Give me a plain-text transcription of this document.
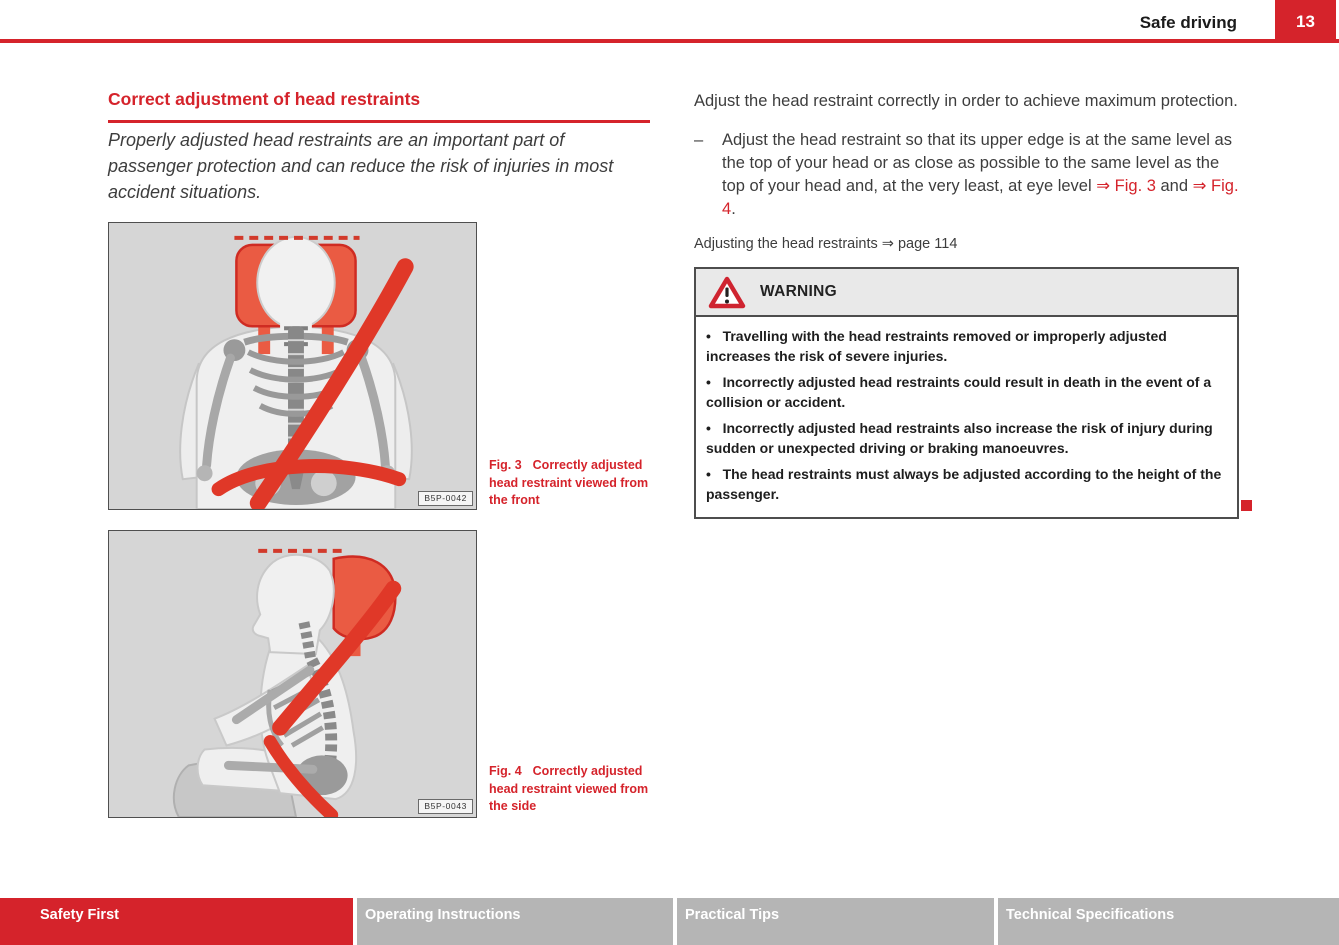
Safe driving	13
Correct adjustment of head restraints

Properly adjusted head restraints are an important part of passenger protection and can reduce the risk of injuries in most accident situations.

B5P-0042

Fig. 3 Correctly adjusted head restraint viewed from the front

B5P-0043

Fig. 4 Correctly adjusted head restraint viewed from the side

Adjust the head restraint correctly in order to achieve maximum protection.

–	Adjust the head restraint so that its upper edge is at the same level as the top of your head or as close as possible to the same level as the top of your head and, at the very least, at eye level ⇒ Fig. 3 and ⇒ Fig. 4.

Adjusting the head restraints ⇒ page 114

WARNING
•   Travelling with the head restraints removed or improperly adjusted increases the risk of severe injuries.
•   Incorrectly adjusted head restraints could result in death in the event of a collision or accident.
•   Incorrectly adjusted head restraints also increase the risk of injury during sudden or unexpected driving or braking manoeuvres.
•   The head restraints must always be adjusted according to the height of the passenger.
Safety First	Operating Instructions	Practical Tips	Technical Specifications
